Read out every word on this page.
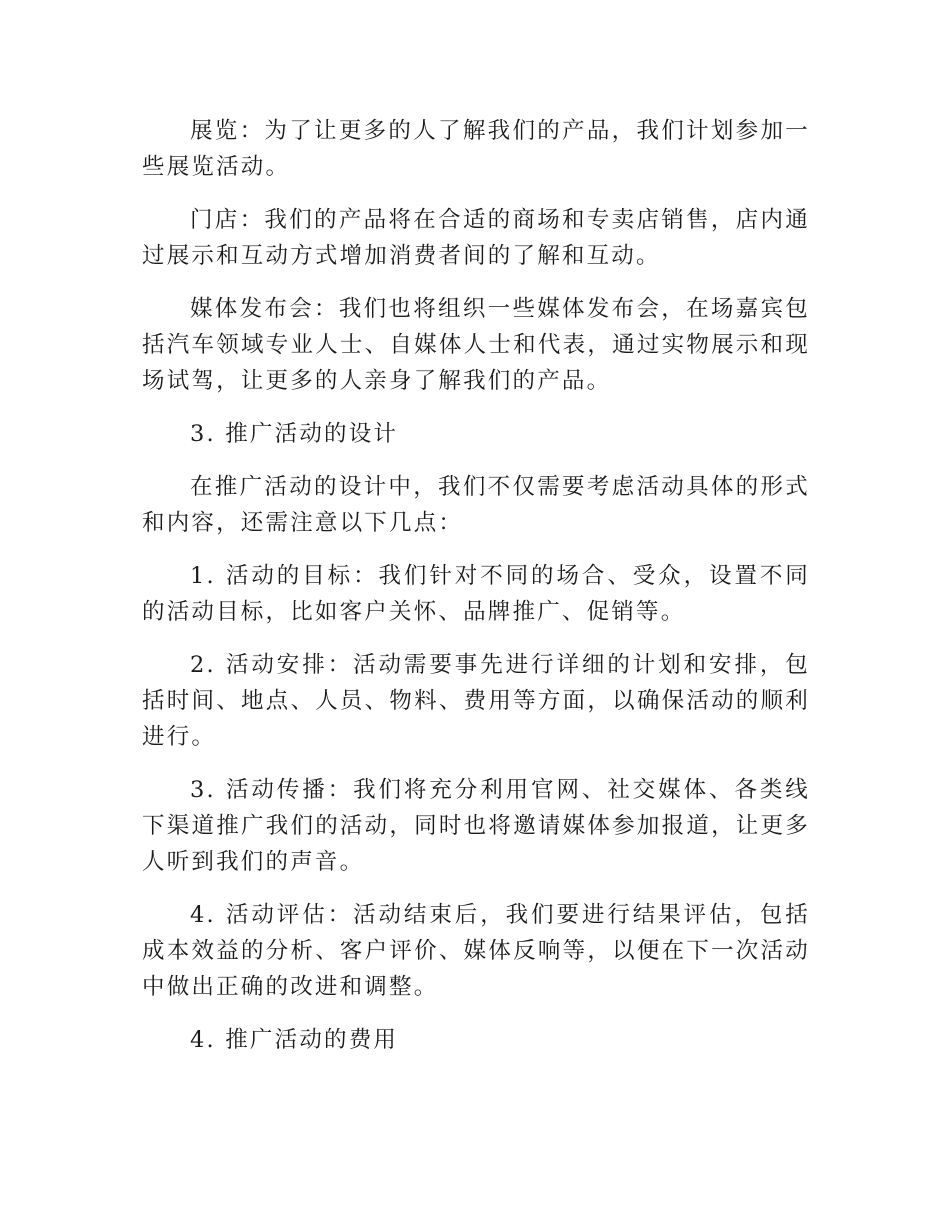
展览：为了让更多的人了解我们的产品，我们计划参加一些展览活动。

门店：我们的产品将在合适的商场和专卖店销售，店内通过展示和互动方式增加消费者间的了解和互动。

媒体发布会：我们也将组织一些媒体发布会，在场嘉宾包括汽车领域专业人士、自媒体人士和代表，通过实物展示和现场试驾，让更多的人亲身了解我们的产品。

3. 推广活动的设计

在推广活动的设计中，我们不仅需要考虑活动具体的形式和内容，还需注意以下几点：

1. 活动的目标：我们针对不同的场合、受众，设置不同的活动目标，比如客户关怀、品牌推广、促销等。

2. 活动安排：活动需要事先进行详细的计划和安排，包括时间、地点、人员、物料、费用等方面，以确保活动的顺利进行。

3. 活动传播：我们将充分利用官网、社交媒体、各类线下渠道推广我们的活动，同时也将邀请媒体参加报道，让更多人听到我们的声音。

4. 活动评估：活动结束后，我们要进行结果评估，包括成本效益的分析、客户评价、媒体反响等，以便在下一次活动中做出正确的改进和调整。

4. 推广活动的费用
